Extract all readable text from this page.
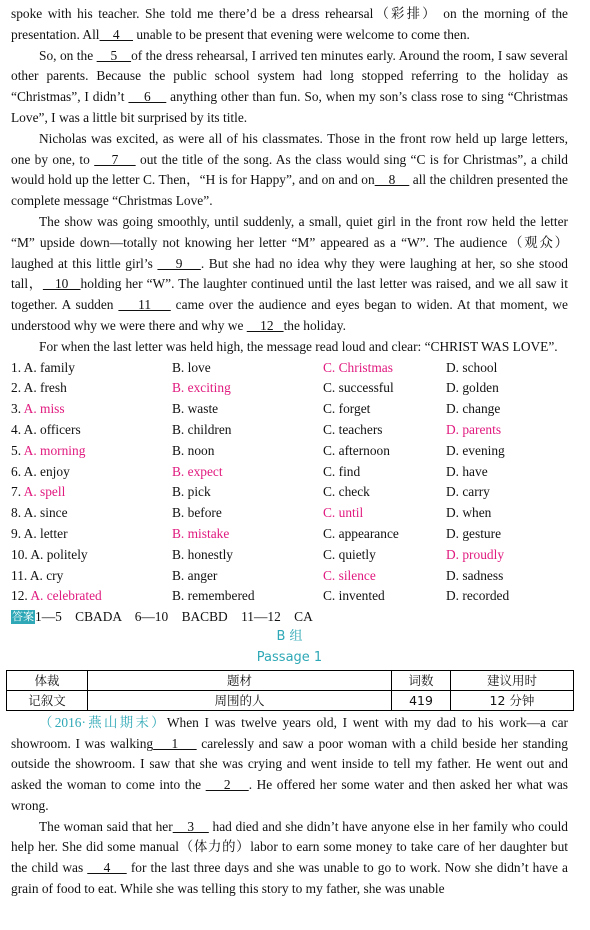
spoke with his teacher. She told me there’d be a dress rehearsal（彩排） on the morning of the presentation. All    4     unable to be present that evening were welcome to come then.

So, on the     5    of the dress rehearsal, I arrived ten minutes early. Around the room, I saw several other parents. Because the public school system had long stopped referring to the holiday as “Christmas”, I didn’t     6     anything other than fun. So, when my son’s class rose to sing “Christmas Love”, I was a little bit surprised by its title.

Nicholas was excited, as were all of his classmates. Those in the front row held up large letters, one by one, to     7     out the title of the song. As the class would sing “C is for Christmas”, a child would hold up the letter C. Then，“H is for Happy”, and on and on    8     all the children presented the complete message “Christmas Love”.

The show was going smoothly, until suddenly, a small, quiet girl in the front row held the letter “M” upside down—totally not knowing her letter “M” appeared as a “W”. The audience（观众） laughed at this little girl’s     9    . But she had no idea why they were laughing at her, so she stood tall，   10   holding her “W”. The laughter continued until the last letter was raised, and we all saw it together. A sudden     11     came over the audience and eyes began to widen. At that moment, we understood why we were there and why we     12   the holiday.

For when the last letter was held high, the message read loud and clear: “CHRIST WAS LOVE”.

1. A. family	B. love	C. Christmas	D. school
2. A. fresh	B. exciting	C. successful	D. golden
3. A. miss	B. waste	C. forget	D. change
4. A. officers	B. children	C. teachers	D. parents
5. A. morning	B. noon	C. afternoon	D. evening
6. A. enjoy	B. expect	C. find	D. have
7. A. spell	B. pick	C. check	D. carry
8. A. since	B. before	C. until	D. when
9. A. letter	B. mistake	C. appearance	D. gesture
10. A. politely	B. honestly	C. quietly	D. proudly
11. A. cry	B. anger	C. silence	D. sadness
12. A. celebrated	B. remembered	C. invented	D. recorded
答案1—5　CBADA　6—10　BACBD　11—12　CA
B 组
Passage 1
体裁	题材	词数	建议用时
记叙文	周围的人	419	12 分钟

（2016·燕山期末）When I was twelve years old, I went with my dad to his work—a car showroom. I was walking    1     carelessly and saw a poor woman with a child beside her standing outside the showroom. I saw that she was crying and went inside to tell my father. He went out and asked the woman to come into the     2    . He offered her some water and then asked her what was wrong.

The woman said that her    3     had died and she didn’t have anyone else in her family who could help her. She did some manual（体力的）labor to earn some money to take care of her daughter but the child was     4     for the last three days and she was unable to go to work. Now she didn’t have a grain of food to eat. While she was telling this story to my father, she was unable
